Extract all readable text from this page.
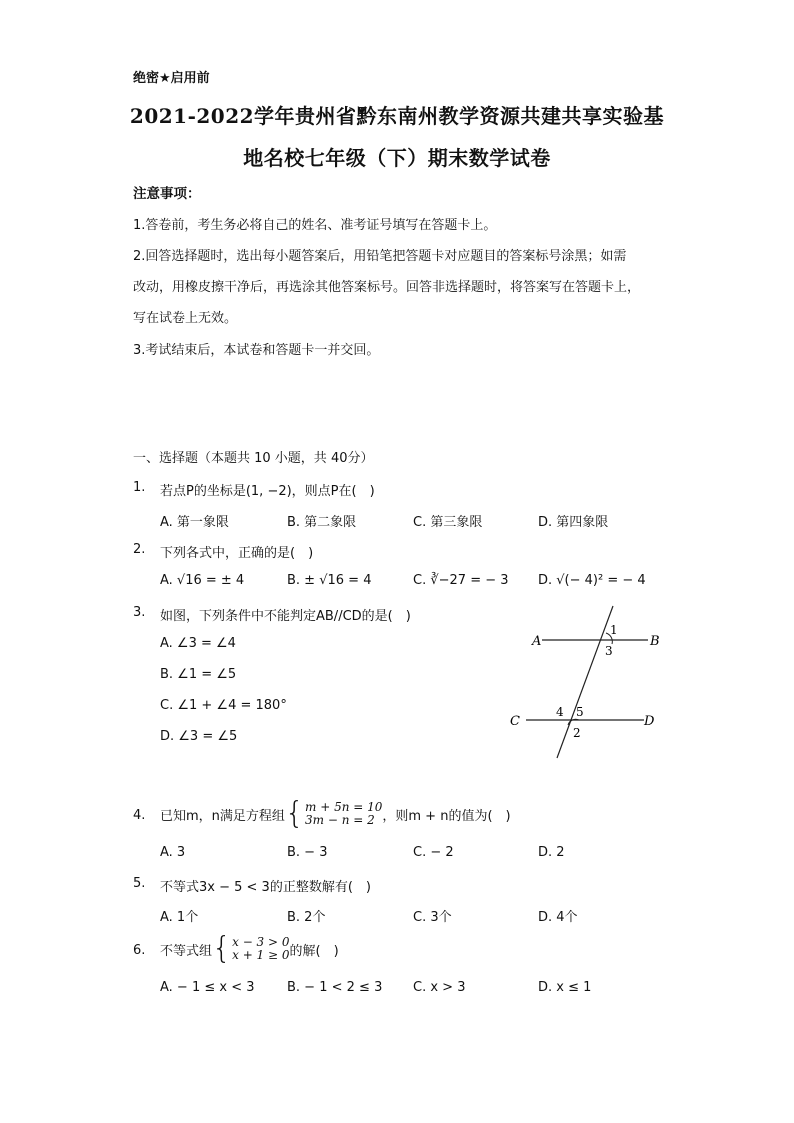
绝密★启用前
2021-2022学年贵州省黔东南州教学资源共建共享实验基
地名校七年级（下）期末数学试卷
注意事项：
1.答卷前，考生务必将自己的姓名、准考证号填写在答题卡上。
2.回答选择题时，选出每小题答案后，用铅笔把答题卡对应题目的答案标号涂黑；如需
改动，用橡皮擦干净后，再选涂其他答案标号。回答非选择题时，将答案写在答题卡上，
写在试卷上无效。
3.考试结束后，本试卷和答题卡一并交回。
一、选择题（本题共 10 小题，共 40分）
1.	若点P的坐标是(1, −2)，则点P在(　)
A. 第一象限	B. 第二象限	C. 第三象限	D. 第四象限
2.	下列各式中，正确的是(　)
A. √16 = ± 4	B. ± √16 = 4	C. ∛−27 = − 3 D. √(− 4)² = − 4
3.	如图，下列条件中不能判定AB//CD的是(　)
A. ∠3 = ∠4
B. ∠1 = ∠5
C. ∠1 + ∠4 = 180°
D. ∠3 = ∠5
A	B
C	D
1
3
4 5
2
4.	已知m，n满足方程组 { m + 5n = 10
3m − n = 2 ，则m + n的值为(　)
A. 3	B. − 3	C. − 2	D. 2
5.	不等式3x − 5 < 3的正整数解有(　)
A. 1个	B. 2个	C. 3个	D. 4个
6.	不等式组 { x − 3 > 0
x + 1 ≥ 0 的解(　)
A. − 1 ≤ x < 3 B. − 1 < 2 ≤ 3 C. x > 3	D. x ≤ 1
